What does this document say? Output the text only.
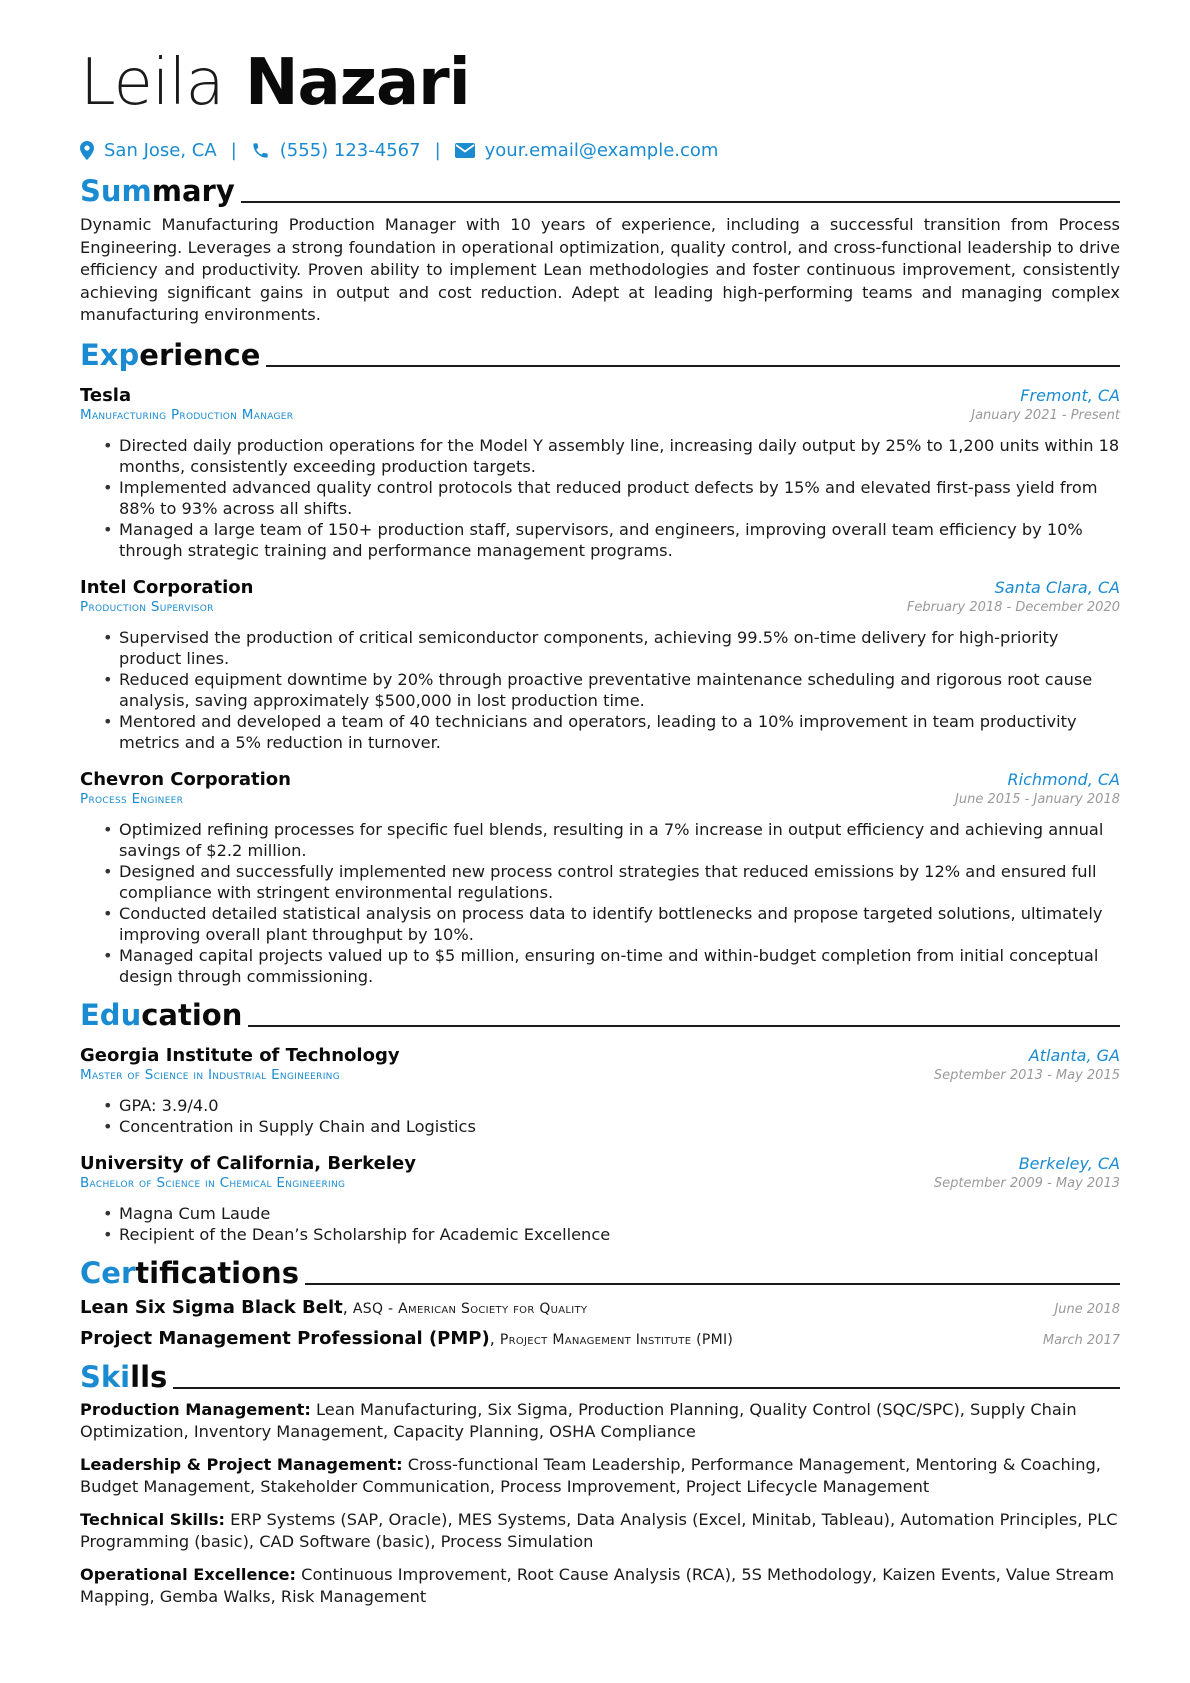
Leila Nazari
San Jose, CA | (555) 123-4567 | your.email@example.com
Summary
Dynamic Manufacturing Production Manager with 10 years of experience, including a successful transition from Process Engineering. Leverages a strong foundation in operational optimization, quality control, and cross-functional leadership to drive efficiency and productivity. Proven ability to implement Lean methodologies and foster continuous improvement, consistently achieving significant gains in output and cost reduction. Adept at leading high-performing teams and managing complex manufacturing environments.
Experience
Tesla	Fremont, CA
Manufacturing Production Manager	January 2021 - Present
• Directed daily production operations for the Model Y assembly line, increasing daily output by 25% to 1,200 units within 18 months, consistently exceeding production targets.
• Implemented advanced quality control protocols that reduced product defects by 15% and elevated first-pass yield from 88% to 93% across all shifts.
• Managed a large team of 150+ production staff, supervisors, and engineers, improving overall team efficiency by 10% through strategic training and performance management programs.
Intel Corporation	Santa Clara, CA
Production Supervisor	February 2018 - December 2020
• Supervised the production of critical semiconductor components, achieving 99.5% on-time delivery for high-priority product lines.
• Reduced equipment downtime by 20% through proactive preventative maintenance scheduling and rigorous root cause analysis, saving approximately $500,000 in lost production time.
• Mentored and developed a team of 40 technicians and operators, leading to a 10% improvement in team productivity metrics and a 5% reduction in turnover.
Chevron Corporation	Richmond, CA
Process Engineer	June 2015 - January 2018
• Optimized refining processes for specific fuel blends, resulting in a 7% increase in output efficiency and achieving annual savings of $2.2 million.
• Designed and successfully implemented new process control strategies that reduced emissions by 12% and ensured full compliance with stringent environmental regulations.
• Conducted detailed statistical analysis on process data to identify bottlenecks and propose targeted solutions, ultimately improving overall plant throughput by 10%.
• Managed capital projects valued up to $5 million, ensuring on-time and within-budget completion from initial conceptual design through commissioning.
Education
Georgia Institute of Technology	Atlanta, GA
Master of Science in Industrial Engineering	September 2013 - May 2015
• GPA: 3.9/4.0
• Concentration in Supply Chain and Logistics
University of California, Berkeley	Berkeley, CA
Bachelor of Science in Chemical Engineering	September 2009 - May 2013
• Magna Cum Laude
• Recipient of the Dean’s Scholarship for Academic Excellence
Certifications
Lean Six Sigma Black Belt, ASQ - American Society for Quality	June 2018
Project Management Professional (PMP), Project Management Institute (PMI)	March 2017
Skills
Production Management: Lean Manufacturing, Six Sigma, Production Planning, Quality Control (SQC/SPC), Supply Chain Optimization, Inventory Management, Capacity Planning, OSHA Compliance
Leadership & Project Management: Cross-functional Team Leadership, Performance Management, Mentoring & Coaching, Budget Management, Stakeholder Communication, Process Improvement, Project Lifecycle Management
Technical Skills: ERP Systems (SAP, Oracle), MES Systems, Data Analysis (Excel, Minitab, Tableau), Automation Principles, PLC Programming (basic), CAD Software (basic), Process Simulation
Operational Excellence: Continuous Improvement, Root Cause Analysis (RCA), 5S Methodology, Kaizen Events, Value Stream Mapping, Gemba Walks, Risk Management
